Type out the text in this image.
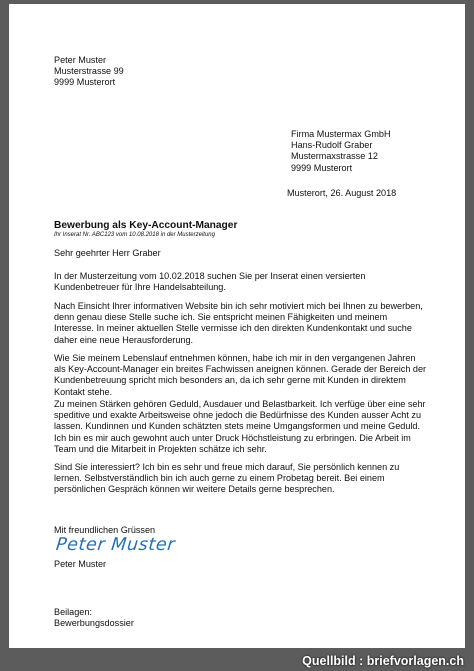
Peter Muster
Musterstrasse 99
9999 Musterort
Firma Mustermax GmbH
Hans-Rudolf Graber
Mustermaxstrasse 12
9999 Musterort
Musterort, 26. August 2018
Bewerbung als Key-Account-Manager
Ihr Inserat Nr. ABC123 vom 10.08.2018 in der Musterzeitung
Sehr geehrter Herr Graber
In der Musterzeitung vom 10.02.2018 suchen Sie per Inserat einen versierten
Kundenbetreuer für Ihre Handelsabteilung.
Nach Einsicht Ihrer informativen Website bin ich sehr motiviert mich bei Ihnen zu bewerben,
denn genau diese Stelle suche ich. Sie entspricht meinen Fähigkeiten und meinem
Interesse. In meiner aktuellen Stelle vermisse ich den direkten Kundenkontakt und suche
daher eine neue Herausforderung.
Wie Sie meinem Lebenslauf entnehmen können, habe ich mir in den vergangenen Jahren
als Key-Account-Manager ein breites Fachwissen aneignen können. Gerade der Bereich der
Kundenbetreuung spricht mich besonders an, da ich sehr gerne mit Kunden in direktem
Kontakt stehe.
Zu meinen Stärken gehören Geduld, Ausdauer und Belastbarkeit. Ich verfüge über eine sehr
speditive und exakte Arbeitsweise ohne jedoch die Bedürfnisse des Kunden ausser Acht zu
lassen. Kundinnen und Kunden schätzten stets meine Umgangsformen und meine Geduld.
Ich bin es mir auch gewohnt auch unter Druck Höchstleistung zu erbringen. Die Arbeit im
Team und die Mitarbeit in Projekten schätze ich sehr.
Sind Sie interessiert? Ich bin es sehr und freue mich darauf, Sie persönlich kennen zu
lernen. Selbstverständlich bin ich auch gerne zu einem Probetag bereit. Bei einem
persönlichen Gespräch können wir weitere Details gerne besprechen.
Mit freundlichen Grüssen
Peter Muster
Peter Muster
Beilagen:
Bewerbungsdossier
Quellbild : briefvorlagen.ch
